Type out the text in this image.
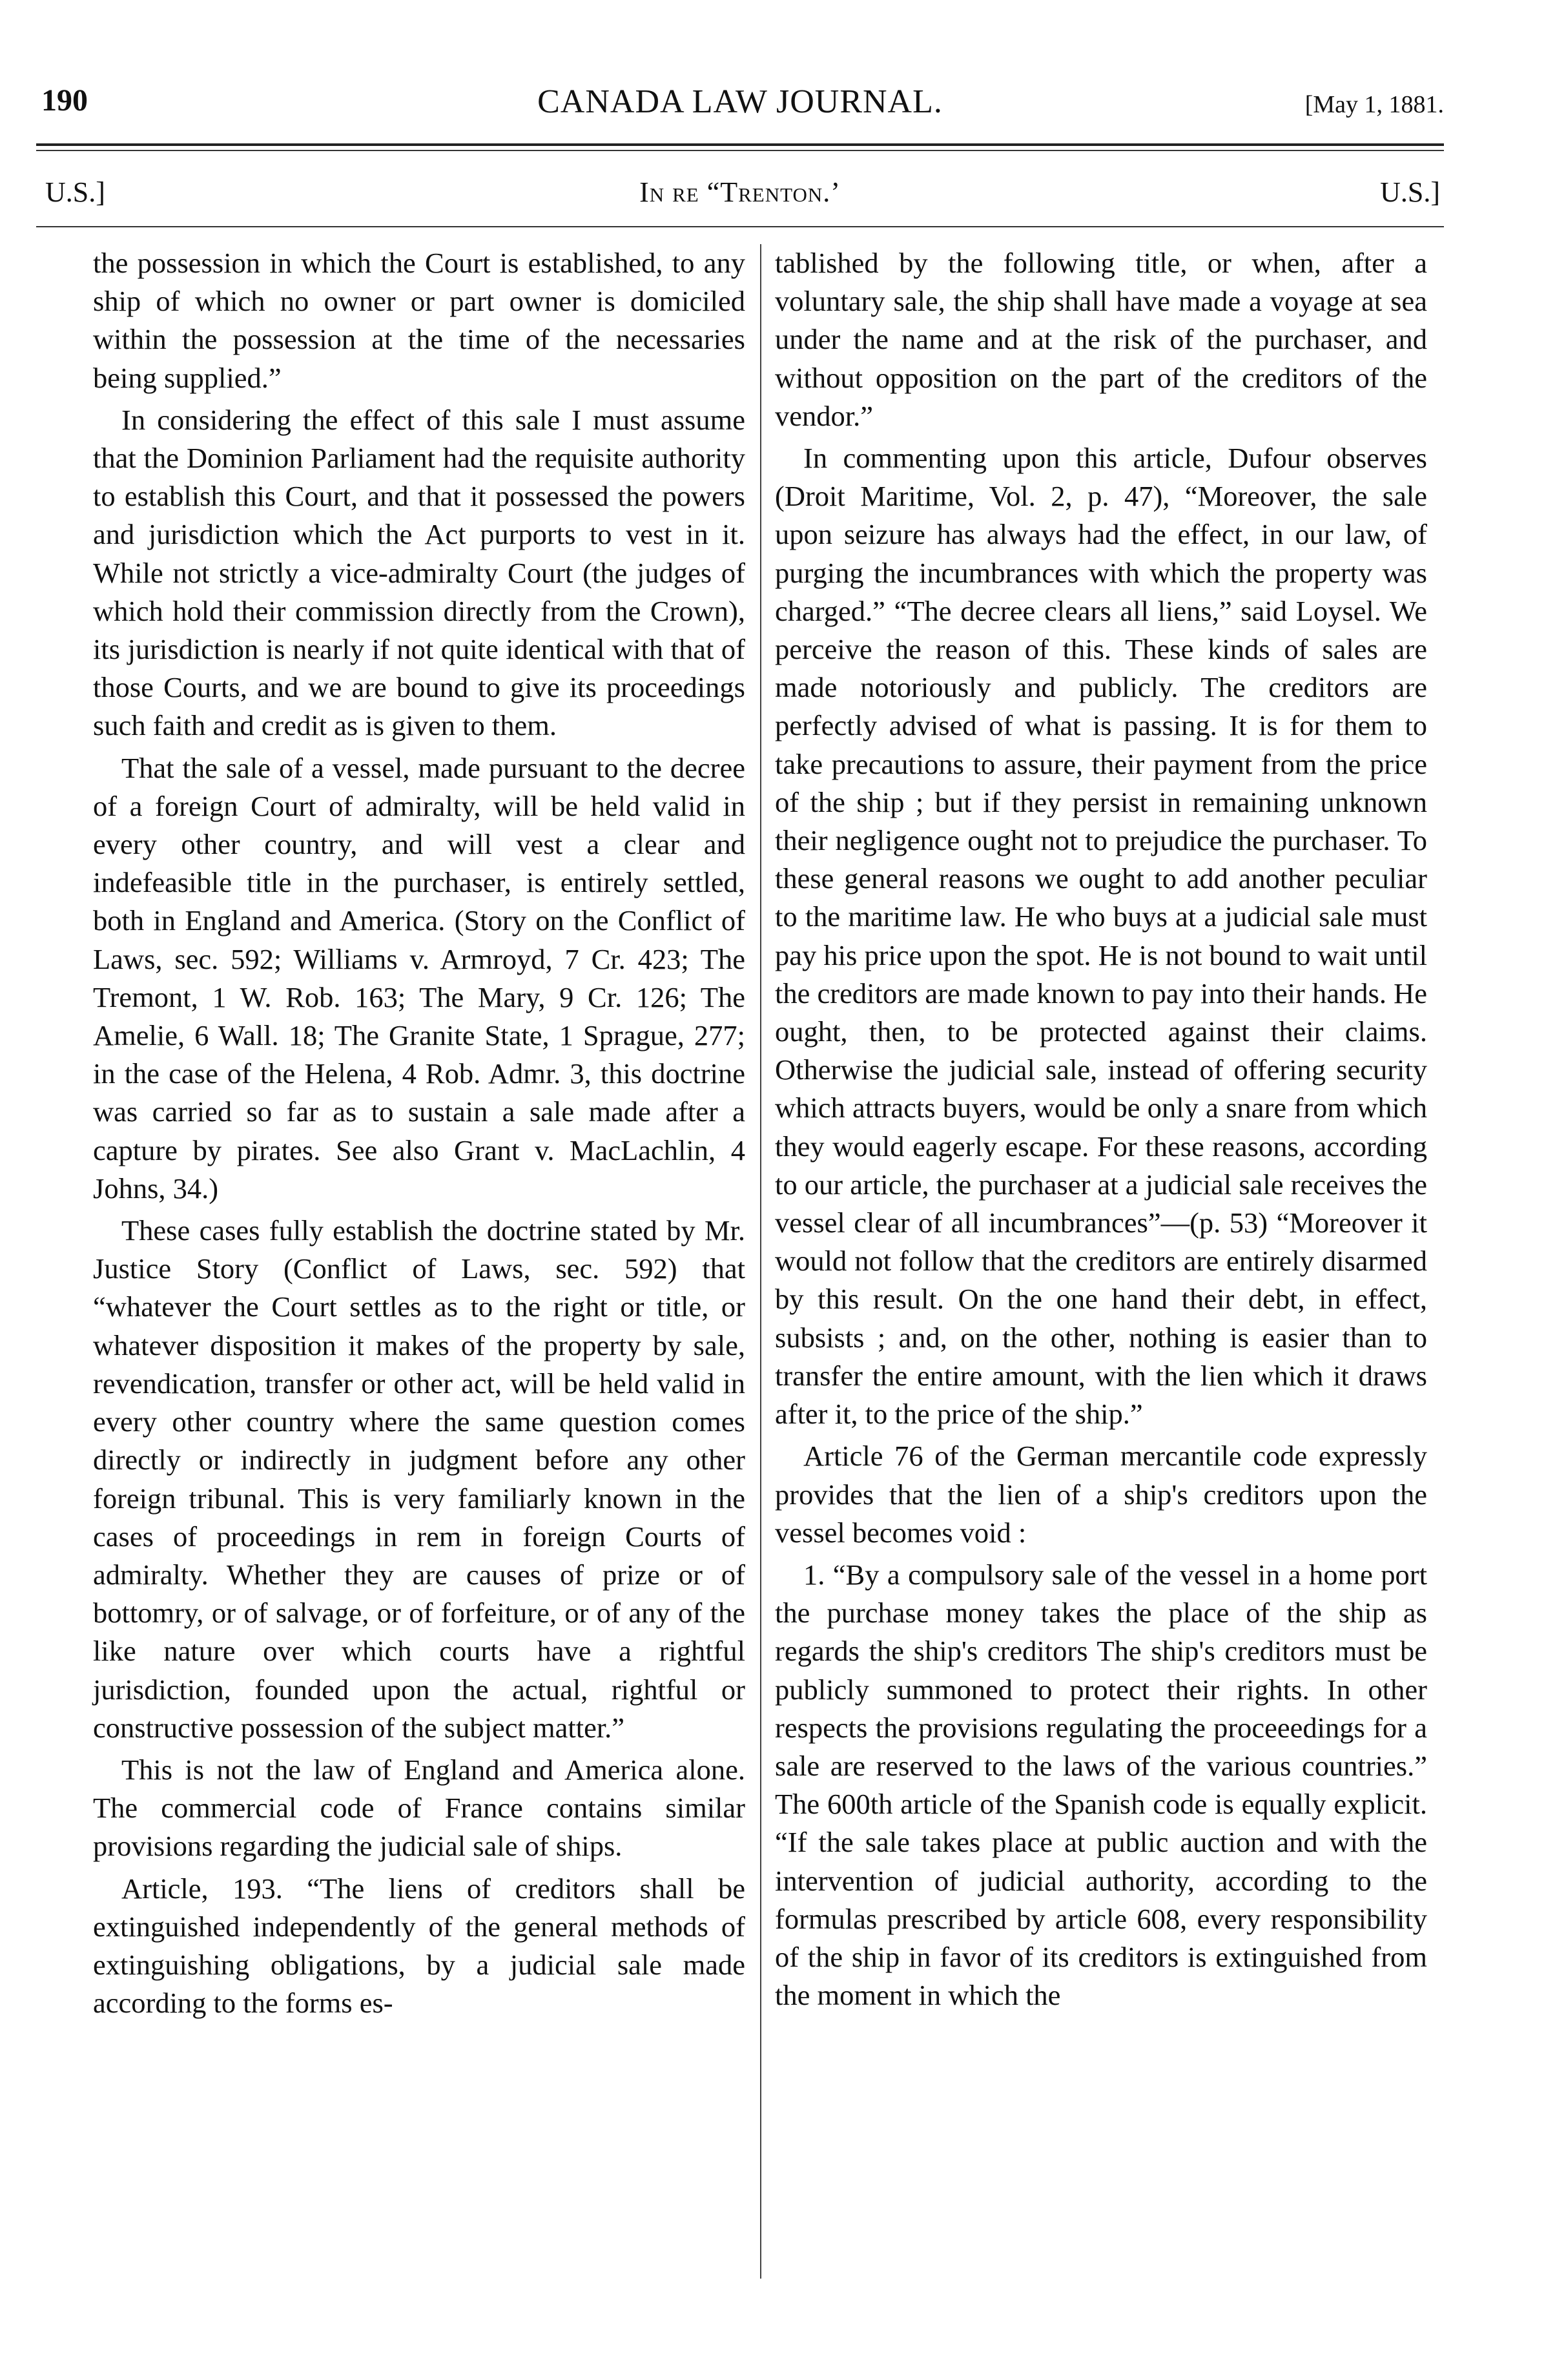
190	CANADA LAW JOURNAL.	[May 1, 1881.
U.S.]	In re “Trenton.’	U.S.]

the possession in which the Court is established, to any ship of which no owner or part owner is domiciled within the possession at the time of the necessaries being supplied.”

In considering the effect of this sale I must assume that the Dominion Parliament had the requisite authority to establish this Court, and that it possessed the powers and jurisdiction which the Act purports to vest in it. While not strictly a vice-admiralty Court (the judges of which hold their commission directly from the Crown), its jurisdiction is nearly if not quite identical with that of those Courts, and we are bound to give its proceedings such faith and credit as is given to them.

That the sale of a vessel, made pursuant to the decree of a foreign Court of admiralty, will be held valid in every other country, and will vest a clear and indefeasible title in the purchaser, is entirely settled, both in England and America. (Story on the Conflict of Laws, sec. 592; Williams v. Armroyd, 7 Cr. 423; The Tremont, 1 W. Rob. 163; The Mary, 9 Cr. 126; The Amelie, 6 Wall. 18; The Granite State, 1 Sprague, 277; in the case of the Helena, 4 Rob. Admr. 3, this doctrine was carried so far as to sustain a sale made after a capture by pirates. See also Grant v. MacLachlin, 4 Johns, 34.)

These cases fully establish the doctrine stated by Mr. Justice Story (Conflict of Laws, sec. 592) that “whatever the Court settles as to the right or title, or whatever disposition it makes of the property by sale, revendication, transfer or other act, will be held valid in every other country where the same question comes directly or indirectly in judgment before any other foreign tribunal. This is very familiarly known in the cases of proceedings in rem in foreign Courts of admiralty. Whether they are causes of prize or of bottomry, or of salvage, or of forfeiture, or of any of the like nature over which courts have a rightful jurisdiction, founded upon the actual, rightful or constructive possession of the subject matter.”

This is not the law of England and America alone. The commercial code of France contains similar provisions regarding the judicial sale of ships.

Article, 193. “The liens of creditors shall be extinguished independently of the general methods of extinguishing obligations, by a judicial sale made according to the forms es-

tablished by the following title, or when, after a voluntary sale, the ship shall have made a voyage at sea under the name and at the risk of the purchaser, and without opposition on the part of the creditors of the vendor.”

In commenting upon this article, Dufour observes (Droit Maritime, Vol. 2, p. 47), “Moreover, the sale upon seizure has always had the effect, in our law, of purging the incumbrances with which the property was charged.” “The decree clears all liens,” said Loysel. We perceive the reason of this. These kinds of sales are made notoriously and publicly. The creditors are perfectly advised of what is passing. It is for them to take precautions to assure, their payment from the price of the ship ; but if they persist in remaining unknown their negligence ought not to prejudice the purchaser. To these general reasons we ought to add another peculiar to the maritime law. He who buys at a judicial sale must pay his price upon the spot. He is not bound to wait until the creditors are made known to pay into their hands. He ought, then, to be protected against their claims. Otherwise the judicial sale, instead of offering security which attracts buyers, would be only a snare from which they would eagerly escape. For these reasons, according to our article, the purchaser at a judicial sale receives the vessel clear of all incumbrances”—(p. 53) “Moreover it would not follow that the creditors are entirely disarmed by this result. On the one hand their debt, in effect, subsists ; and, on the other, nothing is easier than to transfer the entire amount, with the lien which it draws after it, to the price of the ship.”

Article 76 of the German mercantile code expressly provides that the lien of a ship's creditors upon the vessel becomes void :

1. “By a compulsory sale of the vessel in a home port the purchase money takes the place of the ship as regards the ship's creditors The ship's creditors must be publicly summoned to protect their rights. In other respects the provisions regulating the proceeedings for a sale are reserved to the laws of the various countries.” The 600th article of the Spanish code is equally explicit. “If the sale takes place at public auction and with the intervention of judicial authority, according to the formulas prescribed by article 608, every responsibility of the ship in favor of its creditors is extinguished from the moment in which the
